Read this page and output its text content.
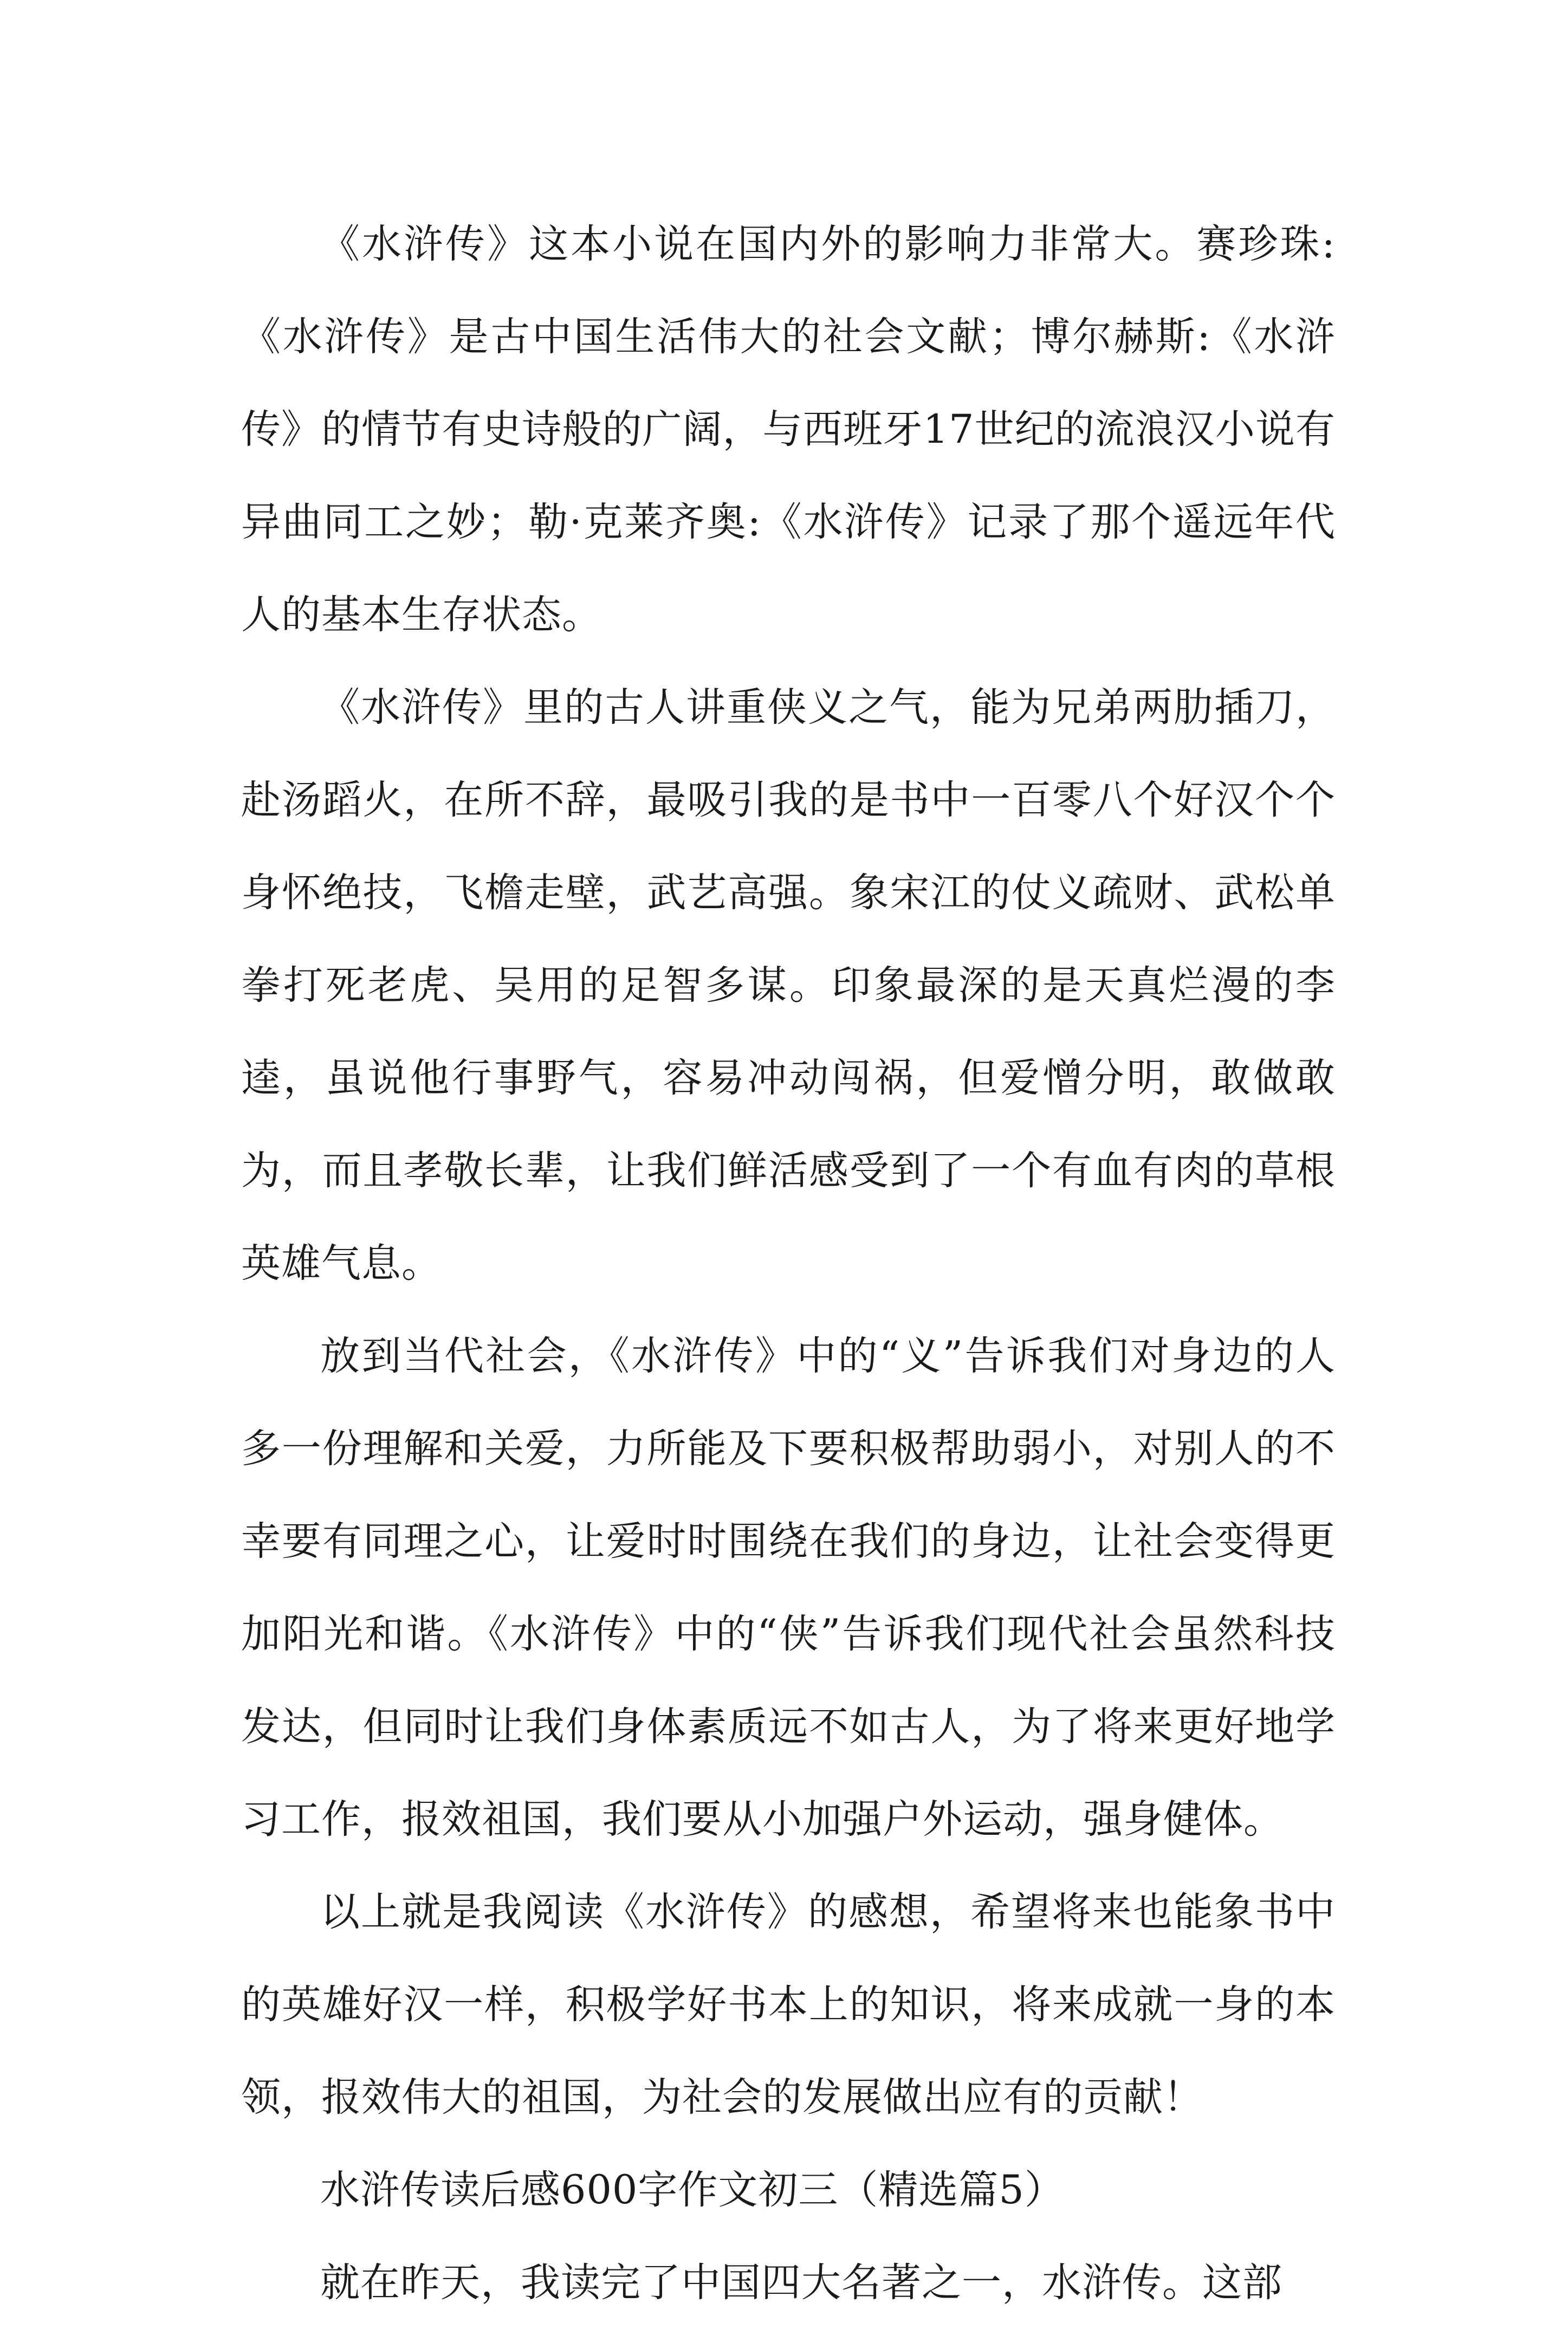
《水浒传》这本小说在国内外的影响力非常大。赛珍珠:《水浒传》是古中国生活伟大的社会文献；博尔赫斯:《水浒传》的情节有史诗般的广阔，与西班牙17世纪的流浪汉小说有异曲同工之妙；勒·克莱齐奥:《水浒传》记录了那个遥远年代人的基本生存状态。

《水浒传》里的古人讲重侠义之气，能为兄弟两肋插刀，赴汤蹈火，在所不辞，最吸引我的是书中一百零八个好汉个个身怀绝技，飞檐走壁，武艺高强。象宋江的仗义疏财、武松单拳打死老虎、吴用的足智多谋。印象最深的是天真烂漫的李逵，虽说他行事野气，容易冲动闯祸，但爱憎分明，敢做敢为，而且孝敬长辈，让我们鲜活感受到了一个有血有肉的草根英雄气息。

放到当代社会，《水浒传》中的“义”告诉我们对身边的人多一份理解和关爱，力所能及下要积极帮助弱小，对别人的不幸要有同理之心，让爱时时围绕在我们的身边，让社会变得更加阳光和谐。《水浒传》中的“侠”告诉我们现代社会虽然科技发达，但同时让我们身体素质远不如古人，为了将来更好地学习工作，报效祖国，我们要从小加强户外运动，强身健体。

以上就是我阅读《水浒传》的感想，希望将来也能象书中的英雄好汉一样，积极学好书本上的知识，将来成就一身的本领，报效伟大的祖国，为社会的发展做出应有的贡献！

水浒传读后感600字作文初三（精选篇5）

就在昨天，我读完了中国四大名著之一，水浒传。这部
